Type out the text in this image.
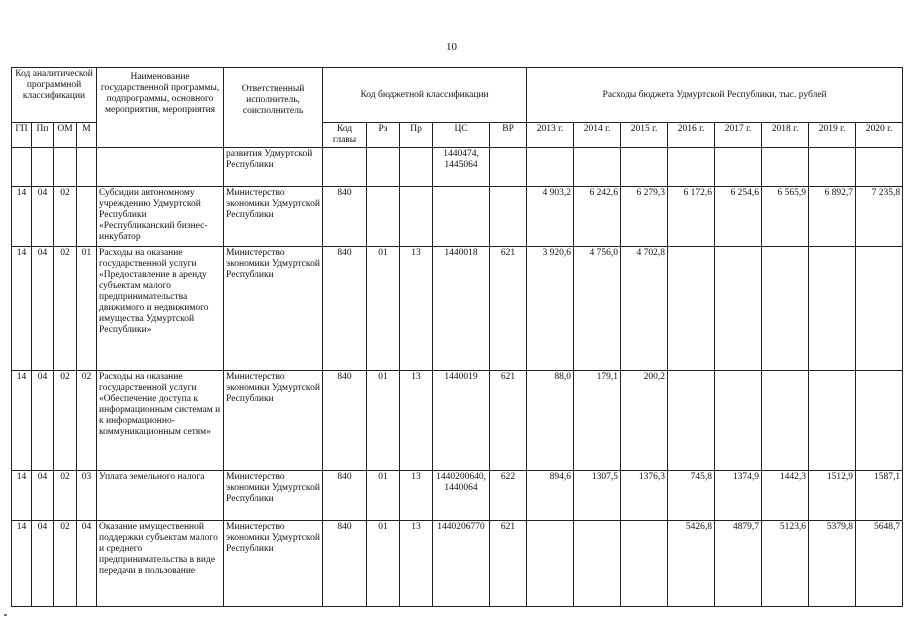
10
Код аналитической программной классификации				Наименование государственной программы, подпрограммы, основного мероприятия, мероприятия	Ответственный исполнитель, соисполнитель	Код бюджетной классификации					Расходы бюджета Удмуртской Республики, тыс. рублей							
ГП	Пп	ОМ	М			Код главы	Рз	Пр	ЦС	ВР	2013 г.	2014 г.	2015 г.	2016 г.	2017 г.	2018 г.	2019 г.	2020 г.
					развития Удмуртской Республики				1440474, 1445064									
14	04	02		Субсидии автономному учреждению Удмуртской Республики «Республиканский бизнес-инкубатор	Министерство экономики Удмуртской Республики	840					4 903,2	6 242,6	6 279,3	6 172,6	6 254,6	6 565,9	6 892,7	7 235,8
14	04	02	01	Расходы на оказание государственной услуги «Предоставление в аренду субъектам малого предпринимательства движимого и недвижимого имущества Удмуртской Республики»	Министерство экономики Удмуртской Республики	840	01	13	1440018	621	3 920,6	4 756,0	4 702,8					
14	04	02	02	Расходы на оказание государственной услуги «Обеспечение доступа к информационным системам и к информационно-коммуникационным сетям»	Министерство экономики Удмуртской Республики	840	01	13	1440019	621	88,0	179,1	200,2					
14	04	02	03	Уплата земельного налога	Министерство экономики Удмуртской Республики	840	01	13	1440200640, 1440064	622	894,6	1307,5	1376,3	745,8	1374,9	1442,3	1512,9	1587,1
14	04	02	04	Оказание имущественной поддержки субъектам малого и среднего предпринимательства в виде передачи в пользование	Министерство экономики Удмуртской Республики	840	01	13	1440206770	621				5426,8	4879,7	5123,6	5379,8	5648,7
